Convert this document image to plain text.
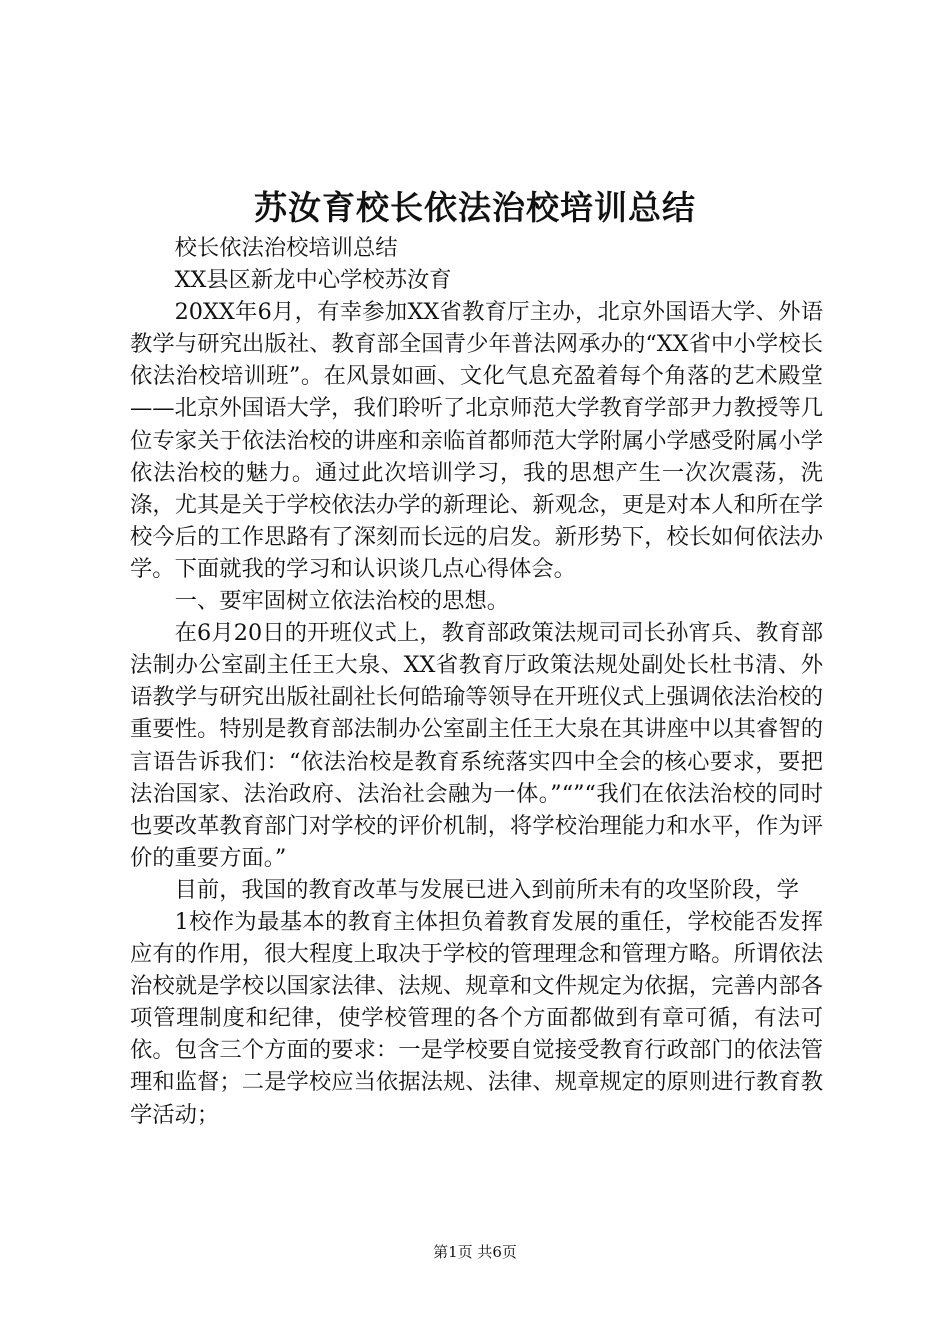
苏汝育校长依法治校培训总结

校长依法治校培训总结

XX县区新龙中心学校苏汝育

20XX年6月，有幸参加XX省教育厅主办，北京外国语大学、外语教学与研究出版社、教育部全国青少年普法网承办的“XX省中小学校长依法治校培训班”。在风景如画、文化气息充盈着每个角落的艺术殿堂——北京外国语大学，我们聆听了北京师范大学教育学部尹力教授等几位专家关于依法治校的讲座和亲临首都师范大学附属小学感受附属小学依法治校的魅力。通过此次培训学习，我的思想产生一次次震荡，洗涤，尤其是关于学校依法办学的新理论、新观念，更是对本人和所在学校今后的工作思路有了深刻而长远的启发。新形势下，校长如何依法办学。下面就我的学习和认识谈几点心得体会。

一、要牢固树立依法治校的思想。

在6月20日的开班仪式上，教育部政策法规司司长孙宵兵、教育部法制办公室副主任王大泉、XX省教育厅政策法规处副处长杜书清、外语教学与研究出版社副社长何皓瑜等领导在开班仪式上强调依法治校的重要性。特别是教育部法制办公室副主任王大泉在其讲座中以其睿智的言语告诉我们：“依法治校是教育系统落实四中全会的核心要求，要把法治国家、法治政府、法治社会融为一体。”“”“我们在依法治校的同时也要改革教育部门对学校的评价机制，将学校治理能力和水平，作为评价的重要方面。”

目前，我国的教育改革与发展已进入到前所未有的攻坚阶段，学

1校作为最基本的教育主体担负着教育发展的重任，学校能否发挥应有的作用，很大程度上取决于学校的管理理念和管理方略。所谓依法治校就是学校以国家法律、法规、规章和文件规定为依据，完善内部各项管理制度和纪律，使学校管理的各个方面都做到有章可循，有法可依。包含三个方面的要求：一是学校要自觉接受教育行政部门的依法管理和监督；二是学校应当依据法规、法律、规章规定的原则进行教育教学活动；

第1页 共6页
